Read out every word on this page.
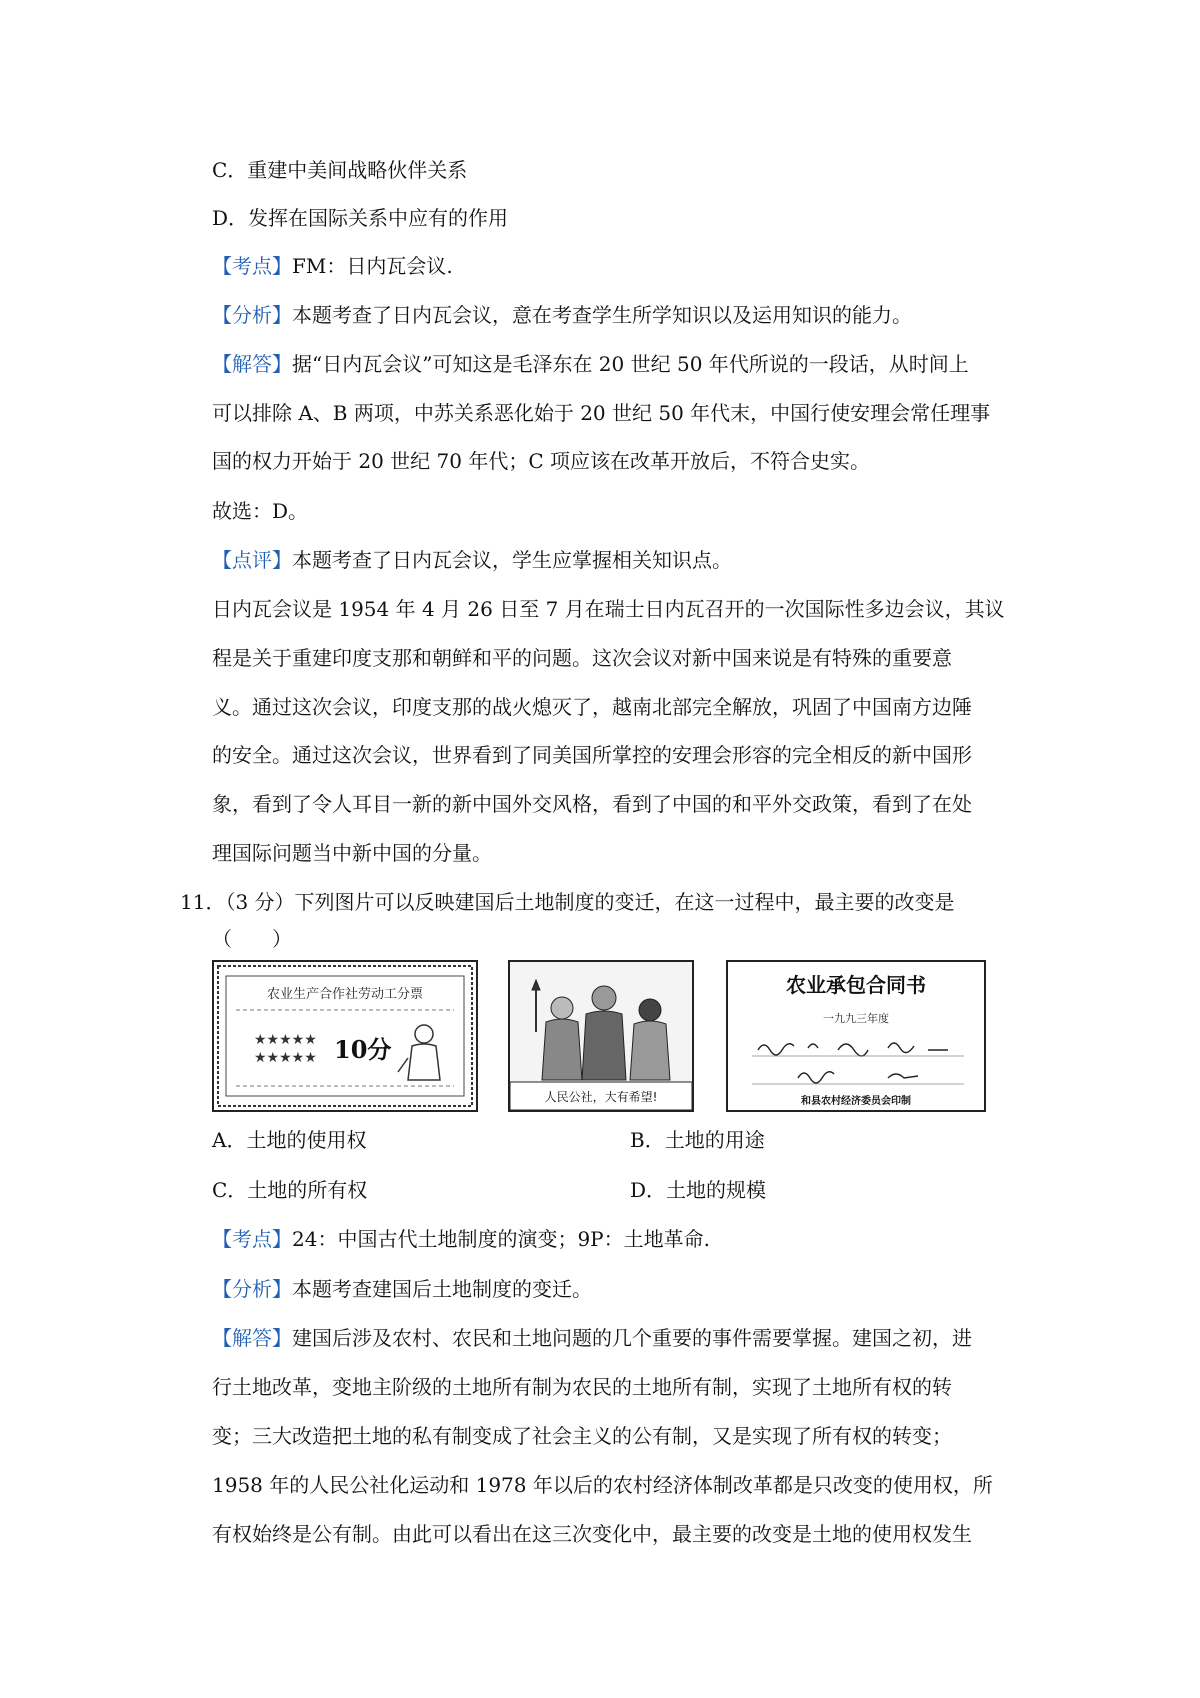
C．重建中美间战略伙伴关系
D．发挥在国际关系中应有的作用
【考点】FM：日内瓦会议.
【分析】本题考查了日内瓦会议，意在考查学生所学知识以及运用知识的能力。
【解答】据“日内瓦会议”可知这是毛泽东在 20 世纪 50 年代所说的一段话，从时间上
可以排除 A、B 两项，中苏关系恶化始于 20 世纪 50 年代末，中国行使安理会常任理事
国的权力开始于 20 世纪 70 年代；C 项应该在改革开放后，不符合史实。
故选：D。
【点评】本题考查了日内瓦会议，学生应掌握相关知识点。
日内瓦会议是 1954 年 4 月 26 日至 7 月在瑞士日内瓦召开的一次国际性多边会议，其议
程是关于重建印度支那和朝鲜和平的问题。这次会议对新中国来说是有特殊的重要意
义。通过这次会议，印度支那的战火熄灭了，越南北部完全解放，巩固了中国南方边陲
的安全。通过这次会议，世界看到了同美国所掌控的安理会形容的完全相反的新中国形
象，看到了令人耳目一新的新中国外交风格，看到了中国的和平外交政策，看到了在处
理国际问题当中新中国的分量。
11．（3 分）下列图片可以反映建国后土地制度的变迁，在这一过程中，最主要的改变是
（　　）
农业生产合作社劳动工分票
★★★★★
★★★★★ 10分
人民公社，大有希望!
农业承包合同书
一九九三年度
和县农村经济委员会印制
A．土地的使用权	B．土地的用途
C．土地的所有权	D．土地的规模
【考点】24：中国古代土地制度的演变；9P：土地革命.
【分析】本题考查建国后土地制度的变迁。
【解答】建国后涉及农村、农民和土地问题的几个重要的事件需要掌握。建国之初，进
行土地改革，变地主阶级的土地所有制为农民的土地所有制，实现了土地所有权的转
变；三大改造把土地的私有制变成了社会主义的公有制，又是实现了所有权的转变；
1958 年的人民公社化运动和 1978 年以后的农村经济体制改革都是只改变的使用权，所
有权始终是公有制。由此可以看出在这三次变化中，最主要的改变是土地的使用权发生
